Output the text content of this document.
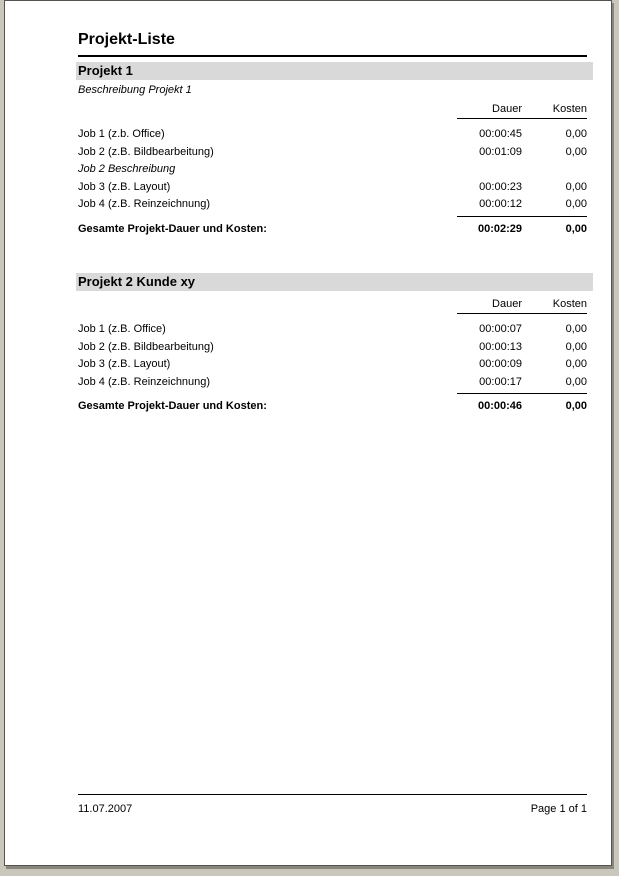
Projekt-Liste
Projekt 1
Beschreibung Projekt 1
Dauer	Kosten
Job 1 (z.b. Office)	00:00:45	0,00
Job 2 (z.B. Bildbearbeitung)	00:01:09	0,00
Job 2 Beschreibung
Job 3 (z.B. Layout)	00:00:23	0,00
Job 4 (z.B. Reinzeichnung)	00:00:12	0,00
Gesamte Projekt-Dauer und Kosten:	00:02:29	0,00
Projekt 2 Kunde xy
Dauer	Kosten
Job 1 (z.B. Office)	00:00:07	0,00
Job 2 (z.B. Bildbearbeitung)	00:00:13	0,00
Job 3 (z.B. Layout)	00:00:09	0,00
Job 4 (z.B. Reinzeichnung)	00:00:17	0,00
Gesamte Projekt-Dauer und Kosten:	00:00:46	0,00
11.07.2007	Page 1 of 1
